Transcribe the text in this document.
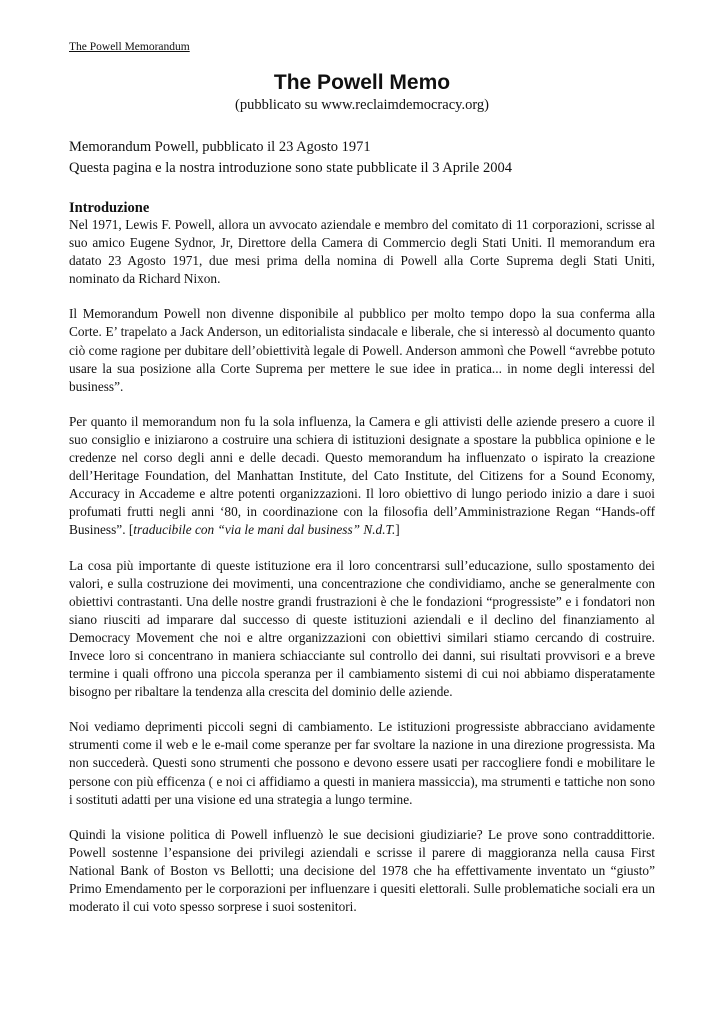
The Powell Memorandum
The Powell Memo
(pubblicato su www.reclaimdemocracy.org)
Memorandum Powell, pubblicato il 23 Agosto 1971
Questa pagina e la nostra introduzione sono state pubblicate il 3 Aprile 2004
Introduzione

Nel 1971, Lewis F. Powell, allora un avvocato aziendale e membro del comitato di 11 corporazioni, scrisse al suo amico Eugene Sydnor, Jr, Direttore della Camera di Commercio degli Stati Uniti. Il memorandum era datato 23 Agosto 1971, due mesi prima della nomina di Powell alla Corte Suprema degli Stati Uniti, nominato da Richard Nixon.

Il Memorandum Powell non divenne disponibile al pubblico per molto tempo dopo la sua conferma alla Corte. E’ trapelato a Jack Anderson, un editorialista sindacale e liberale, che si interessò al documento quanto ciò come ragione per dubitare dell’obiettività legale di Powell. Anderson ammonì che Powell “avrebbe potuto usare la sua posizione alla Corte Suprema per mettere le sue idee in pratica... in nome degli interessi del business”.

Per quanto il memorandum non fu la sola influenza, la Camera e gli attivisti delle aziende presero a cuore il suo consiglio e iniziarono a costruire una schiera di istituzioni designate a spostare la pubblica opinione e le credenze nel corso degli anni e delle decadi. Questo memorandum ha influenzato o ispirato la creazione dell’Heritage Foundation, del Manhattan Institute, del Cato Institute, del Citizens for a Sound Economy, Accuracy in Accademe e altre potenti organizzazioni. Il loro obiettivo di lungo periodo inizio a dare i suoi profumati frutti negli anni ‘80, in coordinazione con la filosofia dell’Amministrazione Regan “Hands-off Business”. [traducibile con “via le mani dal business” N.d.T.]

La cosa più importante di queste istituzione era il loro concentrarsi sull’educazione, sullo spostamento dei valori, e sulla costruzione dei movimenti, una concentrazione che condividiamo, anche se generalmente con obiettivi contrastanti. Una delle nostre grandi frustrazioni è che le fondazioni “progressiste” e i fondatori non siano riusciti ad imparare dal successo di queste istituzioni aziendali e il declino del finanziamento al Democracy Movement che noi e altre organizzazioni con obiettivi similari stiamo cercando di costruire. Invece loro si concentrano in maniera schiacciante sul controllo dei danni, sui risultati provvisori e a breve termine i quali offrono una piccola speranza per il cambiamento sistemi di cui noi abbiamo disperatamente bisogno per ribaltare la tendenza alla crescita del dominio delle aziende.

Noi vediamo deprimenti piccoli segni di cambiamento. Le istituzioni progressiste abbracciano avidamente strumenti come il web e le e-mail come speranze per far svoltare la nazione in una direzione progressista. Ma non succederà. Questi sono strumenti che possono e devono essere usati per raccogliere fondi e mobilitare le persone con più efficenza ( e noi ci affidiamo a questi in maniera massiccia), ma strumenti e tattiche non sono i sostituti adatti per una visione ed una strategia a lungo termine.

Quindi la visione politica di Powell influenzò le sue decisioni giudiziarie? Le prove sono contraddittorie. Powell sostenne l’espansione dei privilegi aziendali e scrisse il parere di maggioranza nella causa First National Bank of Boston vs Bellotti; una decisione del 1978 che ha effettivamente inventato un “giusto” Primo Emendamento per le corporazioni per influenzare i quesiti elettorali. Sulle problematiche sociali era un moderato il cui voto spesso sorprese i suoi sostenitori.
